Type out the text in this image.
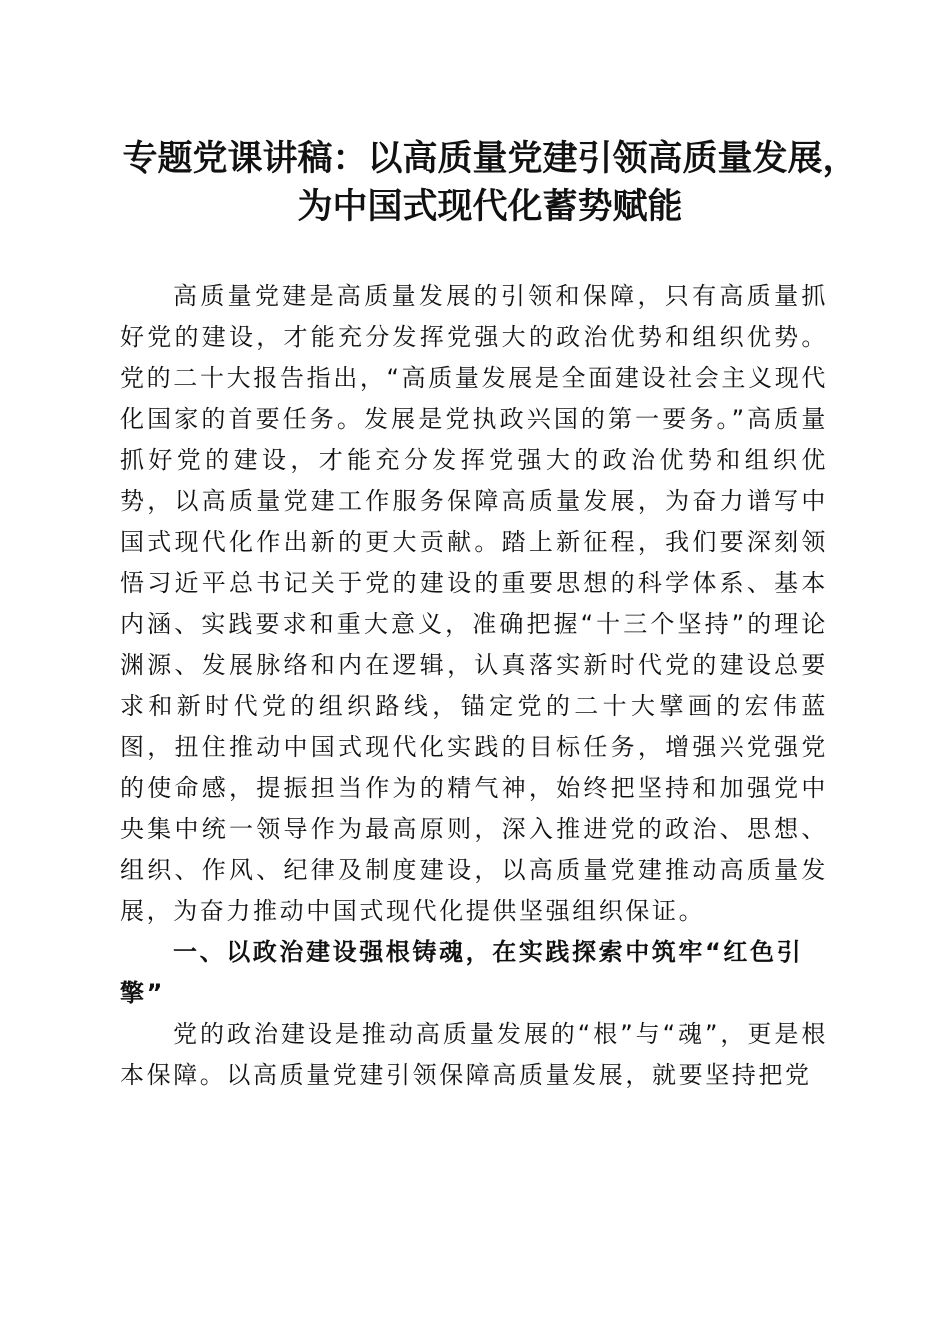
专题党课讲稿：以高质量党建引领高质量发展，
为中国式现代化蓄势赋能

高质量党建是高质量发展的引领和保障，只有高质量抓好党的建设，才能充分发挥党强大的政治优势和组织优势。党的二十大报告指出，“高质量发展是全面建设社会主义现代化国家的首要任务。发展是党执政兴国的第一要务。”高质量抓好党的建设，才能充分发挥党强大的政治优势和组织优势，以高质量党建工作服务保障高质量发展，为奋力谱写中国式现代化作出新的更大贡献。踏上新征程，我们要深刻领悟习近平总书记关于党的建设的重要思想的科学体系、基本内涵、实践要求和重大意义，准确把握“十三个坚持”的理论渊源、发展脉络和内在逻辑，认真落实新时代党的建设总要求和新时代党的组织路线，锚定党的二十大擘画的宏伟蓝图，扭住推动中国式现代化实践的目标任务，增强兴党强党的使命感，提振担当作为的精气神，始终把坚持和加强党中央集中统一领导作为最高原则，深入推进党的政治、思想、组织、作风、纪律及制度建设，以高质量党建推动高质量发展，为奋力推动中国式现代化提供坚强组织保证。

一、以政治建设强根铸魂，在实践探索中筑牢“红色引擎”

党的政治建设是推动高质量发展的“根”与“魂”，更是根本保障。以高质量党建引领保障高质量发展，就要坚持把党
